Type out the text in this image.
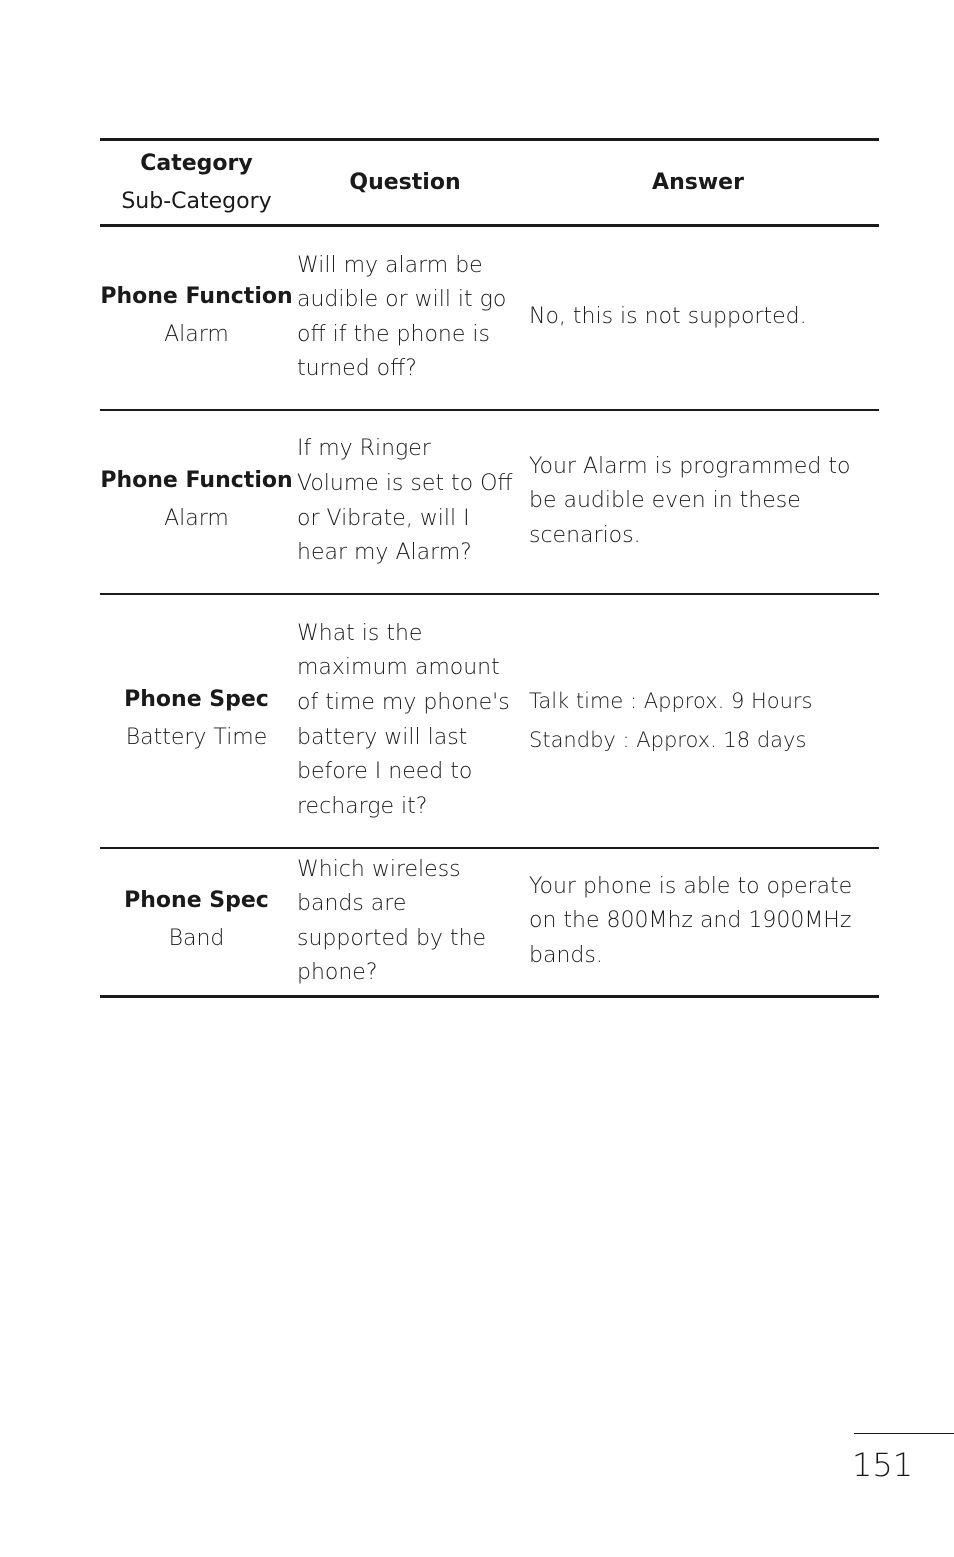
Category
Sub-Category	Question	Answer

Phone Function
Alarm	Will my alarm be audible or will it go off if the phone is turned off?	No, this is not supported.

Phone Function
Alarm	If my Ringer Volume is set to Off or Vibrate, will I hear my Alarm?	Your Alarm is programmed to be audible even in these scenarios.

Phone Spec
Battery Time	What is the maximum amount of time my phone's battery will last before I need to recharge it?	Talk time : Approx. 9 Hours
Standby : Approx. 18 days

Phone Spec
Band	Which wireless bands are supported by the phone?	Your phone is able to operate on the 800Mhz and 1900MHz bands.
151
